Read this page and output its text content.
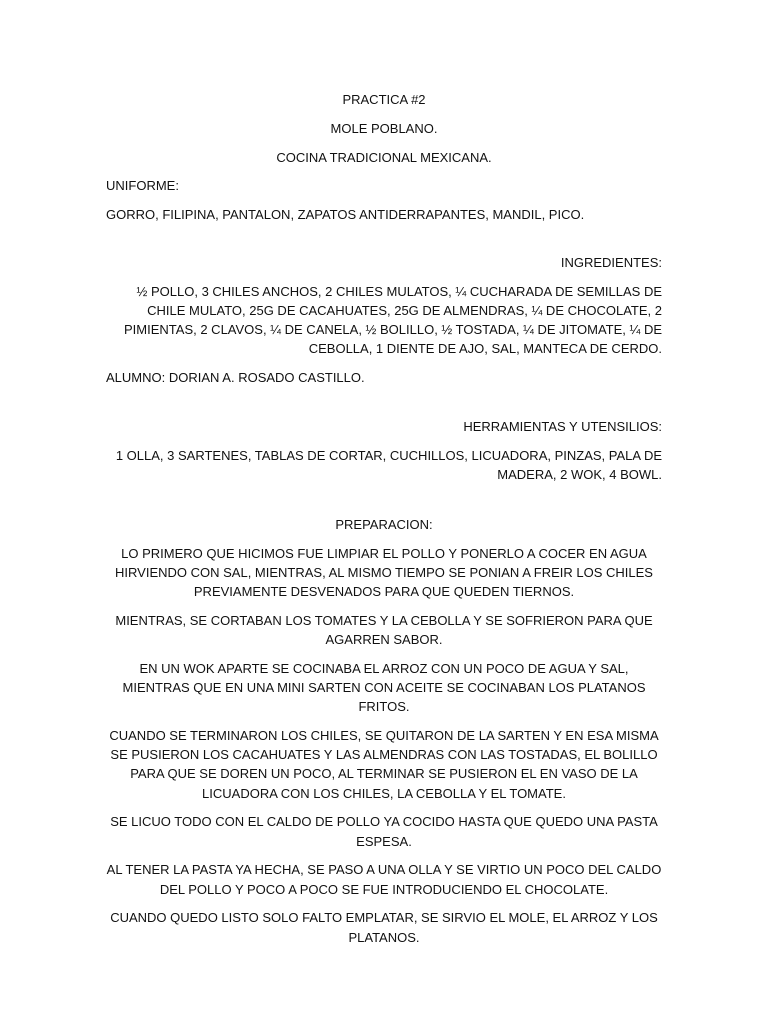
PRACTICA #2

MOLE POBLANO.

COCINA TRADICIONAL MEXICANA.

UNIFORME:

GORRO, FILIPINA, PANTALON, ZAPATOS ANTIDERRAPANTES, MANDIL, PICO.

INGREDIENTES:

½ POLLO, 3 CHILES ANCHOS, 2 CHILES MULATOS, ¼ CUCHARADA DE SEMILLAS DE CHILE MULATO, 25G DE CACAHUATES, 25G DE ALMENDRAS, ¼ DE CHOCOLATE, 2 PIMIENTAS, 2 CLAVOS, ¼ DE CANELA, ½ BOLILLO, ½ TOSTADA, ¼ DE JITOMATE, ¼ DE CEBOLLA, 1 DIENTE DE AJO, SAL, MANTECA DE CERDO.

ALUMNO: DORIAN A. ROSADO CASTILLO.

HERRAMIENTAS Y UTENSILIOS:

1 OLLA, 3 SARTENES, TABLAS DE CORTAR, CUCHILLOS, LICUADORA, PINZAS, PALA DE MADERA, 2 WOK, 4 BOWL.

PREPARACION:

LO PRIMERO QUE HICIMOS FUE LIMPIAR EL POLLO Y PONERLO A COCER EN AGUA HIRVIENDO CON SAL, MIENTRAS, AL MISMO TIEMPO SE PONIAN A FREIR LOS CHILES PREVIAMENTE DESVENADOS PARA QUE QUEDEN TIERNOS.

MIENTRAS, SE CORTABAN LOS TOMATES Y LA CEBOLLA Y SE SOFRIERON PARA QUE AGARREN SABOR.

EN UN WOK APARTE SE COCINABA EL ARROZ CON UN POCO DE AGUA Y SAL, MIENTRAS QUE EN UNA MINI SARTEN CON ACEITE SE COCINABAN LOS PLATANOS FRITOS.

CUANDO SE TERMINARON LOS CHILES, SE QUITARON DE LA SARTEN Y EN ESA MISMA SE PUSIERON LOS CACAHUATES Y LAS ALMENDRAS CON LAS TOSTADAS, EL BOLILLO PARA QUE SE DOREN UN POCO, AL TERMINAR SE PUSIERON EL EN VASO DE LA LICUADORA CON LOS CHILES, LA CEBOLLA Y EL TOMATE.

SE LICUO TODO CON EL CALDO DE POLLO YA COCIDO HASTA QUE QUEDO UNA PASTA ESPESA.

AL TENER LA PASTA YA HECHA, SE PASO A UNA OLLA Y SE VIRTIO UN POCO DEL CALDO DEL POLLO Y POCO A POCO SE FUE INTRODUCIENDO EL CHOCOLATE.

CUANDO QUEDO LISTO SOLO FALTO EMPLATAR, SE SIRVIO EL MOLE, EL ARROZ Y LOS PLATANOS.
